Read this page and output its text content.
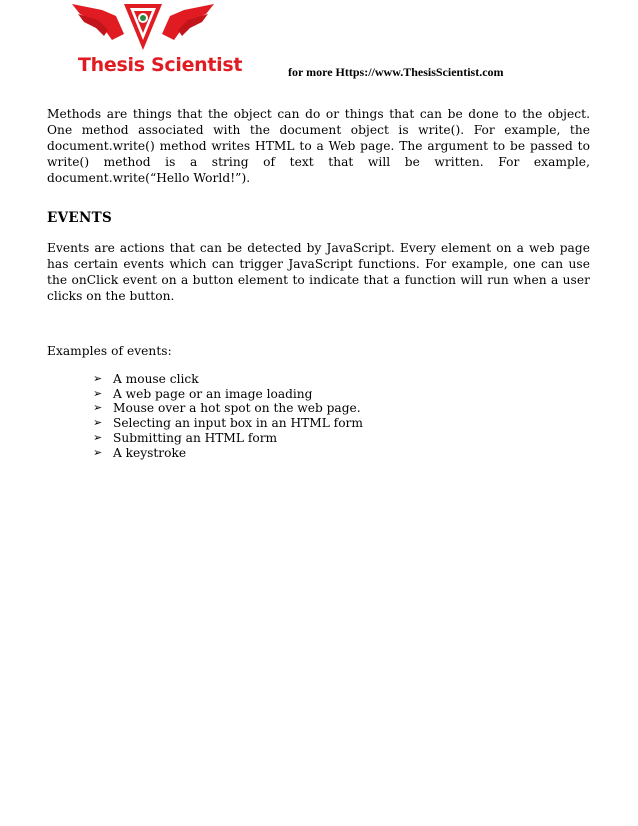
Thesis Scientist	for more Https://www.ThesisScientist.com

Methods are things that the object can do or things that can be done to the object. One method associated with the document object is write(). For example, the document.write() method writes HTML to a Web page. The argument to be passed to write() method is a string of text that will be written. For example, document.write(“Hello World!”).

EVENTS

Events are actions that can be detected by JavaScript. Every element on a web page has certain events which can trigger JavaScript functions. For example, one can use the onClick event on a button element to indicate that a function will run when a user clicks on the button.

Examples of events:

➢ A mouse click
➢ A web page or an image loading
➢ Mouse over a hot spot on the web page.
➢ Selecting an input box in an HTML form
➢ Submitting an HTML form
➢ A keystroke
